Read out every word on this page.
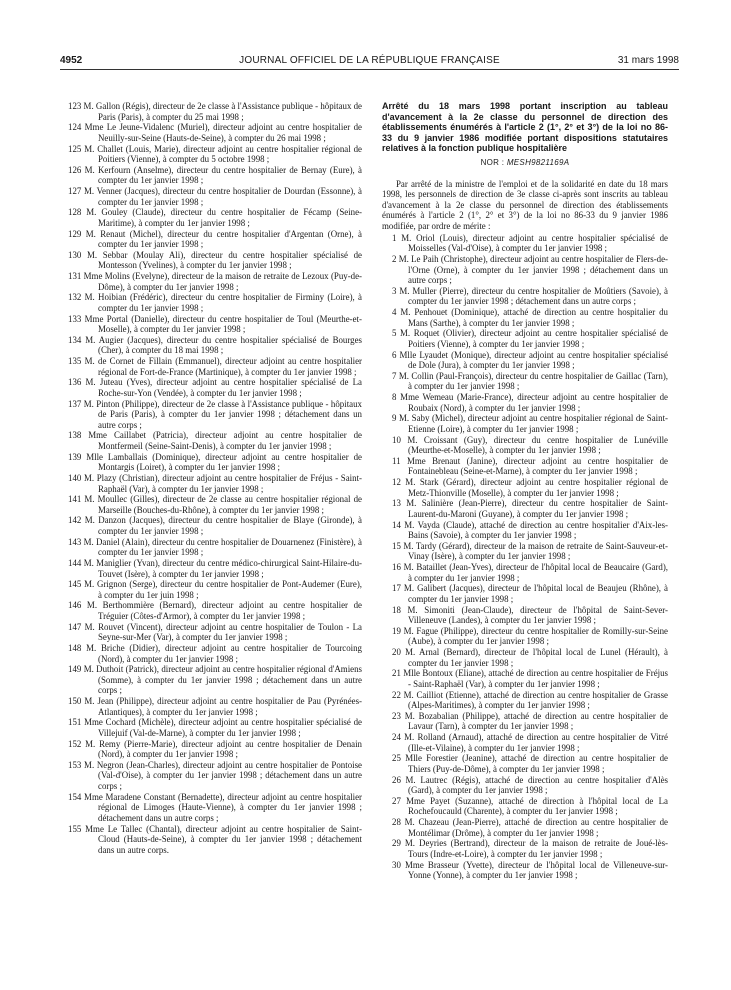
4952	JOURNAL OFFICIEL DE LA RÉPUBLIQUE FRANÇAISE	31 mars 1998
123 M. Gallon (Régis), directeur de 2e classe à l'Assistance publique - hôpitaux de Paris (Paris), à compter du 25 mai 1998 ;
124 Mme Le Jeune-Vidalenc (Muriel), directeur adjoint au centre hospitalier de Neuilly-sur-Seine (Hauts-de-Seine), à compter du 26 mai 1998 ;
125 M. Challet (Louis, Marie), directeur adjoint au centre hospitalier régional de Poitiers (Vienne), à compter du 5 octobre 1998 ;
126 M. Kerfourn (Anselme), directeur du centre hospitalier de Bernay (Eure), à compter du 1er janvier 1998 ;
127 M. Venner (Jacques), directeur du centre hospitalier de Dourdan (Essonne), à compter du 1er janvier 1998 ;
128 M. Gouley (Claude), directeur du centre hospitalier de Fécamp (Seine-Maritime), à compter du 1er janvier 1998 ;
129 M. Renaut (Michel), directeur du centre hospitalier d'Argentan (Orne), à compter du 1er janvier 1998 ;
130 M. Sebbar (Moulay Ali), directeur du centre hospitalier spécialisé de Montesson (Yvelines), à compter du 1er janvier 1998 ;
131 Mme Molins (Evelyne), directeur de la maison de retraite de Lezoux (Puy-de-Dôme), à compter du 1er janvier 1998 ;
132 M. Hoibian (Frédéric), directeur du centre hospitalier de Firminy (Loire), à compter du 1er janvier 1998 ;
133 Mme Portal (Danielle), directeur du centre hospitalier de Toul (Meurthe-et-Moselle), à compter du 1er janvier 1998 ;
134 M. Augier (Jacques), directeur du centre hospitalier spécialisé de Bourges (Cher), à compter du 18 mai 1998 ;
135 M. de Cornet de Fillain (Emmanuel), directeur adjoint au centre hospitalier régional de Fort-de-France (Martinique), à compter du 1er janvier 1998 ;
136 M. Juteau (Yves), directeur adjoint au centre hospitalier spécialisé de La Roche-sur-Yon (Vendée), à compter du 1er janvier 1998 ;
137 M. Pinton (Philippe), directeur de 2e classe à l'Assistance publique - hôpitaux de Paris (Paris), à compter du 1er janvier 1998 ; détachement dans un autre corps ;
138 Mme Caillabet (Patricia), directeur adjoint au centre hospitalier de Montfermeil (Seine-Saint-Denis), à compter du 1er janvier 1998 ;
139 Mlle Lamballais (Dominique), directeur adjoint au centre hospitalier de Montargis (Loiret), à compter du 1er janvier 1998 ;
140 M. Plazy (Christian), directeur adjoint au centre hospitalier de Fréjus - Saint-Raphaël (Var), à compter du 1er janvier 1998 ;
141 M. Moullec (Gilles), directeur de 2e classe au centre hospitalier régional de Marseille (Bouches-du-Rhône), à compter du 1er janvier 1998 ;
142 M. Danzon (Jacques), directeur du centre hospitalier de Blaye (Gironde), à compter du 1er janvier 1998 ;
143 M. Daniel (Alain), directeur du centre hospitalier de Douarnenez (Finistère), à compter du 1er janvier 1998 ;
144 M. Maniglier (Yvan), directeur du centre médico-chirurgical Saint-Hilaire-du-Touvet (Isère), à compter du 1er janvier 1998 ;
145 M. Grignon (Serge), directeur du centre hospitalier de Pont-Audemer (Eure), à compter du 1er juin 1998 ;
146 M. Berthommière (Bernard), directeur adjoint au centre hospitalier de Tréguier (Côtes-d'Armor), à compter du 1er janvier 1998 ;
147 M. Rouvet (Vincent), directeur adjoint au centre hospitalier de Toulon - La Seyne-sur-Mer (Var), à compter du 1er janvier 1998 ;
148 M. Briche (Didier), directeur adjoint au centre hospitalier de Tourcoing (Nord), à compter du 1er janvier 1998 ;
149 M. Duthoit (Patrick), directeur adjoint au centre hospitalier régional d'Amiens (Somme), à compter du 1er janvier 1998 ; détachement dans un autre corps ;
150 M. Jean (Philippe), directeur adjoint au centre hospitalier de Pau (Pyrénées-Atlantiques), à compter du 1er janvier 1998 ;
151 Mme Cochard (Michèle), directeur adjoint au centre hospitalier spécialisé de Villejuif (Val-de-Marne), à compter du 1er janvier 1998 ;
152 M. Remy (Pierre-Marie), directeur adjoint au centre hospitalier de Denain (Nord), à compter du 1er janvier 1998 ;
153 M. Negron (Jean-Charles), directeur adjoint au centre hospitalier de Pontoise (Val-d'Oise), à compter du 1er janvier 1998 ; détachement dans un autre corps ;
154 Mme Maradene Constant (Bernadette), directeur adjoint au centre hospitalier régional de Limoges (Haute-Vienne), à compter du 1er janvier 1998 ; détachement dans un autre corps ;
155 Mme Le Tallec (Chantal), directeur adjoint au centre hospitalier de Saint-Cloud (Hauts-de-Seine), à compter du 1er janvier 1998 ; détachement dans un autre corps.
Arrêté du 18 mars 1998 portant inscription au tableau d'avancement à la 2e classe du personnel de direction des établissements énumérés à l'article 2 (1°, 2° et 3°) de la loi no 86-33 du 9 janvier 1986 modifiée portant dispositions statutaires relatives à la fonction publique hospitalière
NOR : MESH9821169A
Par arrêté de la ministre de l'emploi et de la solidarité en date du 18 mars 1998, les personnels de direction de 3e classe ci-après sont inscrits au tableau d'avancement à la 2e classe du personnel de direction des établissements énumérés à l'article 2 (1°, 2° et 3°) de la loi no 86-33 du 9 janvier 1986 modifiée, par ordre de mérite :
1 M. Oriol (Louis), directeur adjoint au centre hospitalier spécialisé de Moisselles (Val-d'Oise), à compter du 1er janvier 1998 ;
2 M. Le Paih (Christophe), directeur adjoint au centre hospitalier de Flers-de-l'Orne (Orne), à compter du 1er janvier 1998 ; détachement dans un autre corps ;
3 M. Muller (Pierre), directeur du centre hospitalier de Moûtiers (Savoie), à compter du 1er janvier 1998 ; détachement dans un autre corps ;
4 M. Penhouet (Dominique), attaché de direction au centre hospitalier du Mans (Sarthe), à compter du 1er janvier 1998 ;
5 M. Roquet (Olivier), directeur adjoint au centre hospitalier spécialisé de Poitiers (Vienne), à compter du 1er janvier 1998 ;
6 Mlle Lyaudet (Monique), directeur adjoint au centre hospitalier spécialisé de Dole (Jura), à compter du 1er janvier 1998 ;
7 M. Collin (Paul-François), directeur du centre hospitalier de Gaillac (Tarn), à compter du 1er janvier 1998 ;
8 Mme Wemeau (Marie-France), directeur adjoint au centre hospitalier de Roubaix (Nord), à compter du 1er janvier 1998 ;
9 M. Saby (Michel), directeur adjoint au centre hospitalier régional de Saint-Etienne (Loire), à compter du 1er janvier 1998 ;
10 M. Croissant (Guy), directeur du centre hospitalier de Lunéville (Meurthe-et-Moselle), à compter du 1er janvier 1998 ;
11 Mme Brenaut (Janine), directeur adjoint au centre hospitalier de Fontainebleau (Seine-et-Marne), à compter du 1er janvier 1998 ;
12 M. Stark (Gérard), directeur adjoint au centre hospitalier régional de Metz-Thionville (Moselle), à compter du 1er janvier 1998 ;
13 M. Salinière (Jean-Pierre), directeur du centre hospitalier de Saint-Laurent-du-Maroni (Guyane), à compter du 1er janvier 1998 ;
14 M. Vayda (Claude), attaché de direction au centre hospitalier d'Aix-les-Bains (Savoie), à compter du 1er janvier 1998 ;
15 M. Tardy (Gérard), directeur de la maison de retraite de Saint-Sauveur-et-Vinay (Isère), à compter du 1er janvier 1998 ;
16 M. Bataillet (Jean-Yves), directeur de l'hôpital local de Beaucaire (Gard), à compter du 1er janvier 1998 ;
17 M. Galibert (Jacques), directeur de l'hôpital local de Beaujeu (Rhône), à compter du 1er janvier 1998 ;
18 M. Simoniti (Jean-Claude), directeur de l'hôpital de Saint-Sever-Villeneuve (Landes), à compter du 1er janvier 1998 ;
19 M. Fague (Philippe), directeur du centre hospitalier de Romilly-sur-Seine (Aube), à compter du 1er janvier 1998 ;
20 M. Arnal (Bernard), directeur de l'hôpital local de Lunel (Hérault), à compter du 1er janvier 1998 ;
21 Mlle Bontoux (Eliane), attaché de direction au centre hospitalier de Fréjus - Saint-Raphaël (Var), à compter du 1er janvier 1998 ;
22 M. Cailliot (Etienne), attaché de direction au centre hospitalier de Grasse (Alpes-Maritimes), à compter du 1er janvier 1998 ;
23 M. Bozabalian (Philippe), attaché de direction au centre hospitalier de Lavaur (Tarn), à compter du 1er janvier 1998 ;
24 M. Rolland (Arnaud), attaché de direction au centre hospitalier de Vitré (Ille-et-Vilaine), à compter du 1er janvier 1998 ;
25 Mlle Forestier (Jeanine), attaché de direction au centre hospitalier de Thiers (Puy-de-Dôme), à compter du 1er janvier 1998 ;
26 M. Lautrec (Régis), attaché de direction au centre hospitalier d'Alès (Gard), à compter du 1er janvier 1998 ;
27 Mme Payet (Suzanne), attaché de direction à l'hôpital local de La Rochefoucauld (Charente), à compter du 1er janvier 1998 ;
28 M. Chazeau (Jean-Pierre), attaché de direction au centre hospitalier de Montélimar (Drôme), à compter du 1er janvier 1998 ;
29 M. Deyries (Bertrand), directeur de la maison de retraite de Joué-lès-Tours (Indre-et-Loire), à compter du 1er janvier 1998 ;
30 Mme Brasseur (Yvette), directeur de l'hôpital local de Villeneuve-sur-Yonne (Yonne), à compter du 1er janvier 1998 ;
